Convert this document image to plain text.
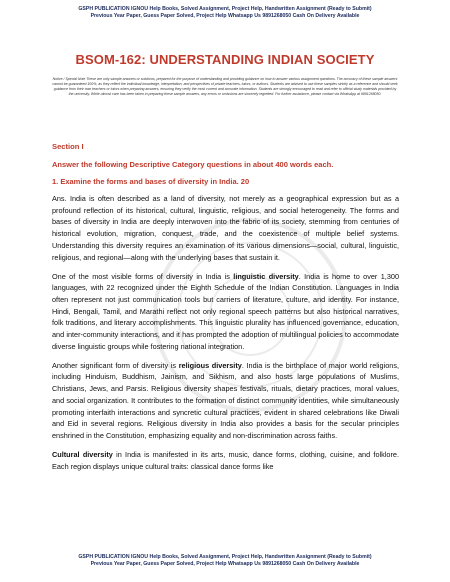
GSPH PUBLICATION IGNOU Help Books, Solved Assignment, Project Help, Handwritten Assignment (Ready to Submit)
Previous Year Paper, Guess Paper Solved, Project Help Whatsapp Us 9891268050 Cash On Delivery Available
BSOM-162: UNDERSTANDING INDIAN SOCIETY
Notice / Special Note These are only sample answers or solutions, prepared for the purpose of understanding and providing guidance on how to answer various assignment questions. The accuracy of these sample answers cannot be guaranteed 100%, as they reflect the individual knowledge, interpretation, and perspectives of private teachers, tutors, or authors. Students are advised to use these samples strictly as a reference and should seek guidance from their own teachers or tutors when preparing answers, ensuring they verify the most current and accurate information. Students are strongly encouraged to read and refer to official study materials provided by the university. While utmost care has been taken in preparing these sample answers, any errors or omissions are sincerely regretted. For further assistance, please contact via WhatsApp at 9891268050.
Section I
Answer the following Descriptive Category questions in about 400 words each.
1. Examine the forms and bases of diversity in India. 20

Ans. India is often described as a land of diversity, not merely as a geographical expression but as a profound reflection of its historical, cultural, linguistic, religious, and social heterogeneity. The forms and bases of diversity in India are deeply interwoven into the fabric of its society, stemming from centuries of historical evolution, migration, conquest, trade, and the coexistence of multiple belief systems. Understanding this diversity requires an examination of its various dimensions—social, cultural, linguistic, religious, and regional—along with the underlying bases that sustain it.

One of the most visible forms of diversity in India is linguistic diversity. India is home to over 1,300 languages, with 22 recognized under the Eighth Schedule of the Indian Constitution. Languages in India often represent not just communication tools but carriers of literature, culture, and identity. For instance, Hindi, Bengali, Tamil, and Marathi reflect not only regional speech patterns but also historical narratives, folk traditions, and literary accomplishments. This linguistic plurality has influenced governance, education, and inter-community interactions, and it has prompted the adoption of multilingual policies to accommodate diverse linguistic groups while fostering national integration.

Another significant form of diversity is religious diversity. India is the birthplace of major world religions, including Hinduism, Buddhism, Jainism, and Sikhism, and also hosts large populations of Muslims, Christians, Jews, and Parsis. Religious diversity shapes festivals, rituals, dietary practices, moral values, and social organization. It contributes to the formation of distinct community identities, while simultaneously promoting interfaith interactions and syncretic cultural practices, evident in shared celebrations like Diwali and Eid in several regions. Religious diversity in India also provides a basis for the secular principles enshrined in the Constitution, emphasizing equality and non-discrimination across faiths.

Cultural diversity in India is manifested in its arts, music, dance forms, clothing, cuisine, and folklore. Each region displays unique cultural traits: classical dance forms like

GSPH PUBLICATION IGNOU Help Books, Solved Assignment, Project Help, Handwritten Assignment (Ready to Submit)
Previous Year Paper, Guess Paper Solved, Project Help Whatsapp Us 9891268050 Cash On Delivery Available
